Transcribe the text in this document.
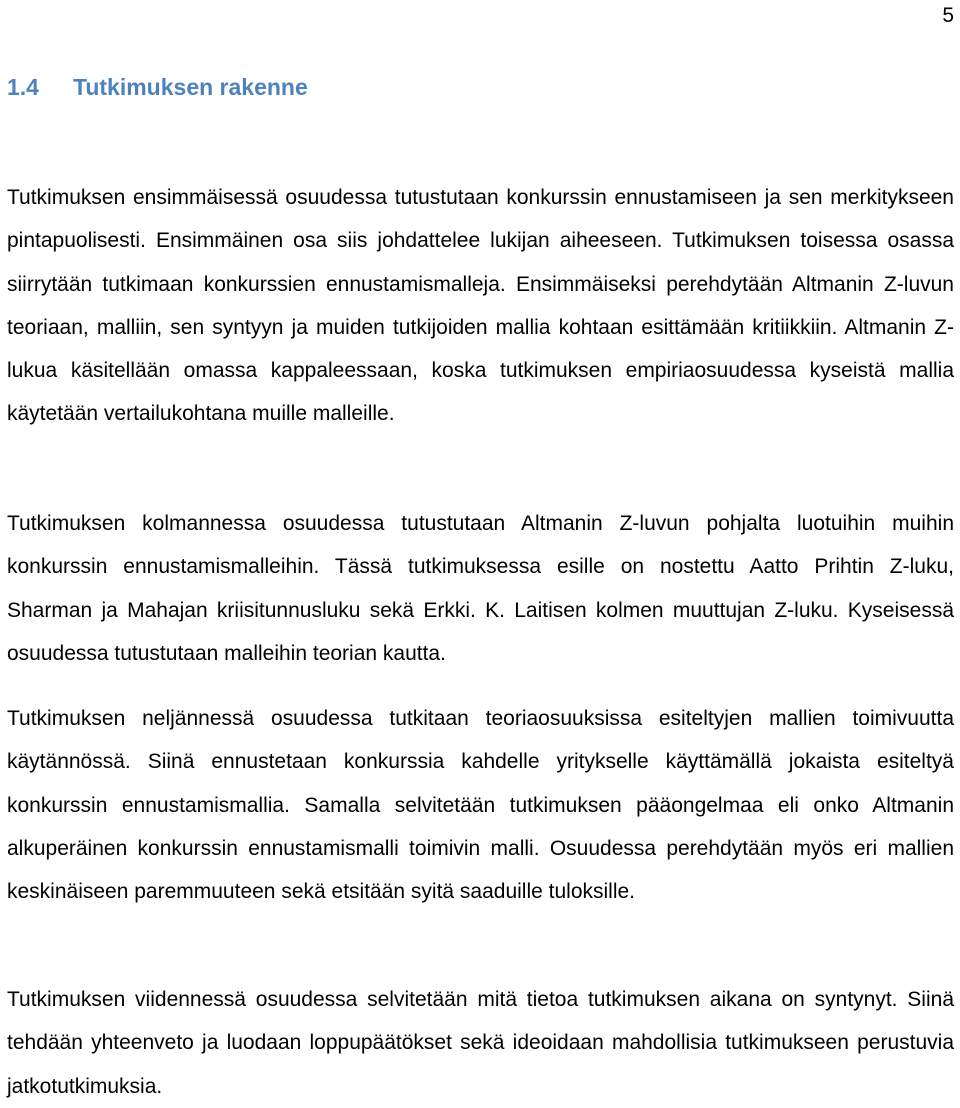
5
1.4 Tutkimuksen rakenne

Tutkimuksen ensimmäisessä osuudessa tutustutaan konkurssin ennustamiseen ja sen merkitykseen pintapuolisesti. Ensimmäinen osa siis johdattelee lukijan aiheeseen. Tutkimuksen toisessa osassa siirrytään tutkimaan konkurssien ennustamismalleja. Ensimmäiseksi perehdytään Altmanin Z-luvun teoriaan, malliin, sen syntyyn ja muiden tutkijoiden mallia kohtaan esittämään kritiikkiin. Altmanin Z-lukua käsitellään omassa kappaleessaan, koska tutkimuksen empiriaosuudessa kyseistä mallia käytetään vertailukohtana muille malleille.

Tutkimuksen kolmannessa osuudessa tutustutaan Altmanin Z-luvun pohjalta luotuihin muihin konkurssin ennustamismalleihin. Tässä tutkimuksessa esille on nostettu Aatto Prihtin Z-luku, Sharman ja Mahajan kriisitunnusluku sekä Erkki. K. Laitisen kolmen muuttujan Z-luku. Kyseisessä osuudessa tutustutaan malleihin teorian kautta.

Tutkimuksen neljännessä osuudessa tutkitaan teoriaosuuksissa esiteltyjen mallien toimivuutta käytännössä. Siinä ennustetaan konkurssia kahdelle yritykselle käyttämällä jokaista esiteltyä konkurssin ennustamismallia. Samalla selvitetään tutkimuksen pääongelmaa eli onko Altmanin alkuperäinen konkurssin ennustamismalli toimivin malli. Osuudessa perehdytään myös eri mallien keskinäiseen paremmuuteen sekä etsitään syitä saaduille tuloksille.

Tutkimuksen viidennessä osuudessa selvitetään mitä tietoa tutkimuksen aikana on syntynyt. Siinä tehdään yhteenveto ja luodaan loppupäätökset sekä ideoidaan mahdollisia tutkimukseen perustuvia jatkotutkimuksia.
